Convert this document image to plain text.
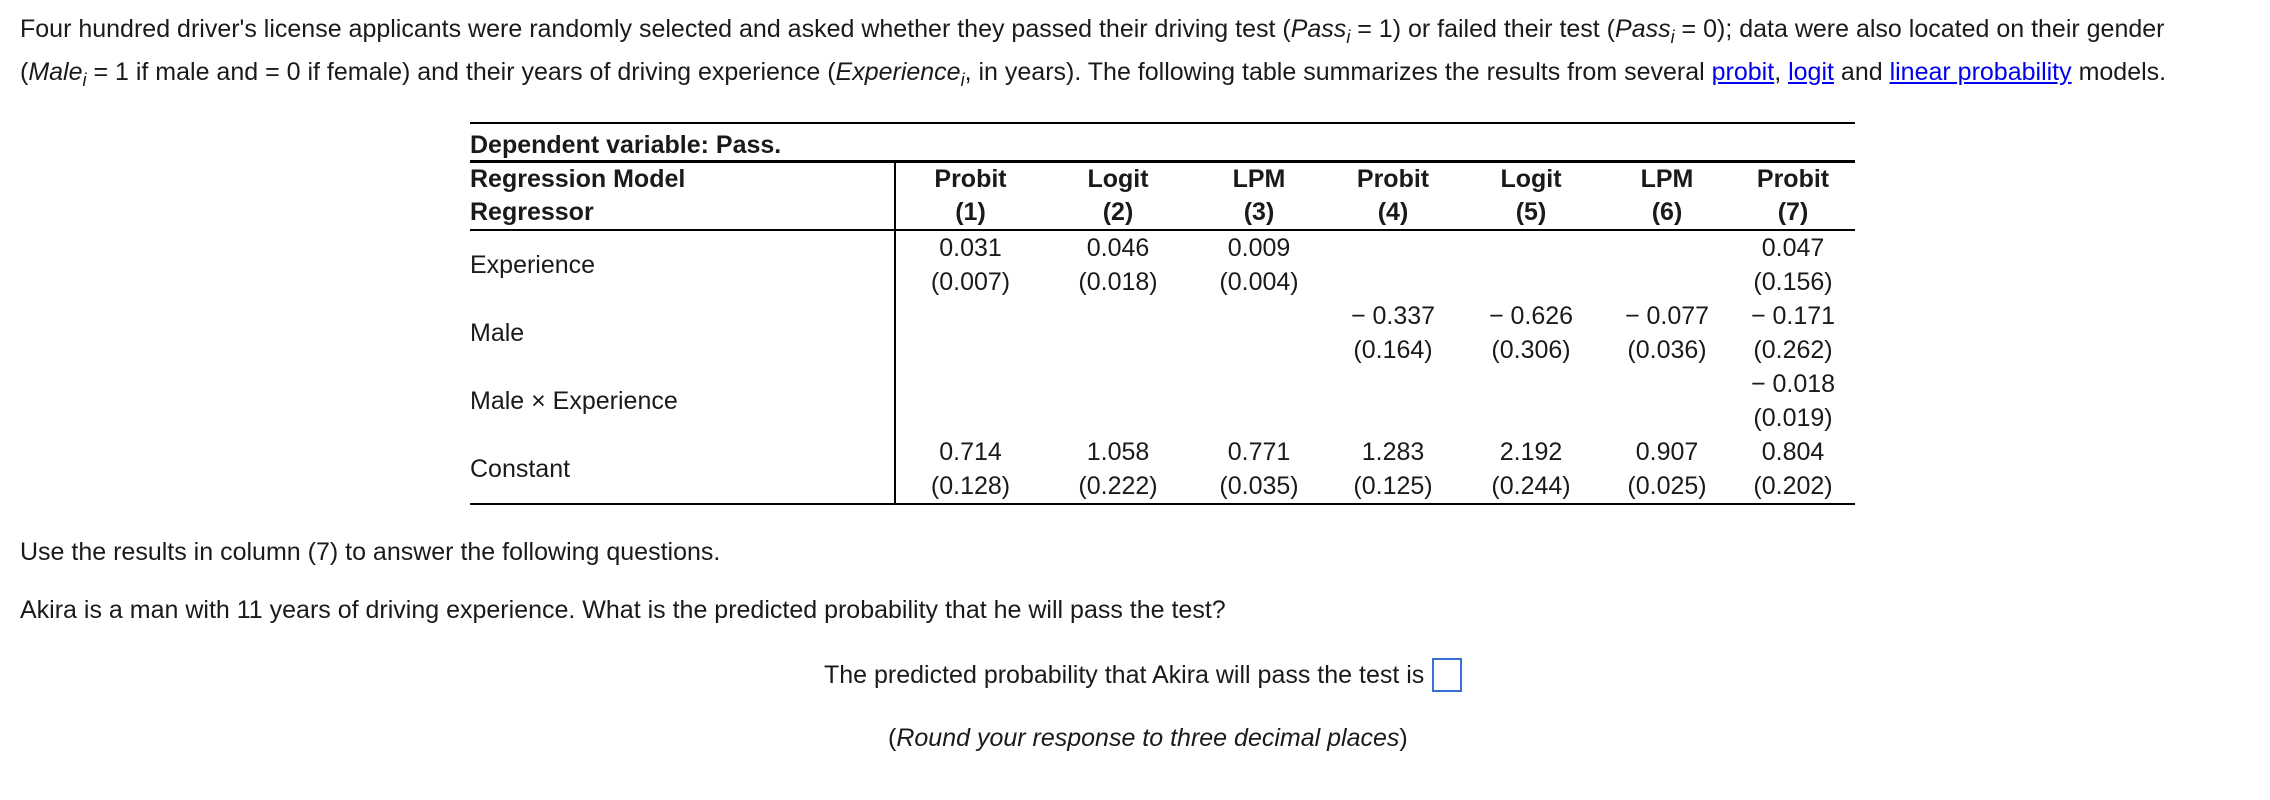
Four hundred driver's license applicants were randomly selected and asked whether they passed their driving test (Pass$_i$ = 1) or failed their test (Pass$_i$ = 0); data were also located on their gender
(Male$_i$ = 1 if male and = 0 if female) and their years of driving experience (Experience$_i$, in years). The following table summarizes the results from several probit, logit and linear probability models.

Dependent variable: Pass.							
Regression Model	Probit	Logit	LPM	Probit	Logit	LPM	Probit
Regressor	(1)	(2)	(3)	(4)	(5)	(6)	(7)
Experience	0.031	0.046	0.009				0.047
	(0.007)	(0.018)	(0.004)				(0.156)
Male				− 0.337	− 0.626	− 0.077	− 0.171
				(0.164)	(0.306)	(0.036)	(0.262)
Male × Experience							− 0.018
							(0.019)
Constant	0.714	1.058	0.771	1.283	2.192	0.907	0.804
	(0.128)	(0.222)	(0.035)	(0.125)	(0.244)	(0.025)	(0.202)
Use the results in column (7) to answer the following questions.
Akira is a man with 11 years of driving experience. What is the predicted probability that he will pass the test?
The predicted probability that Akira will pass the test is
(Round your response to three decimal places)
